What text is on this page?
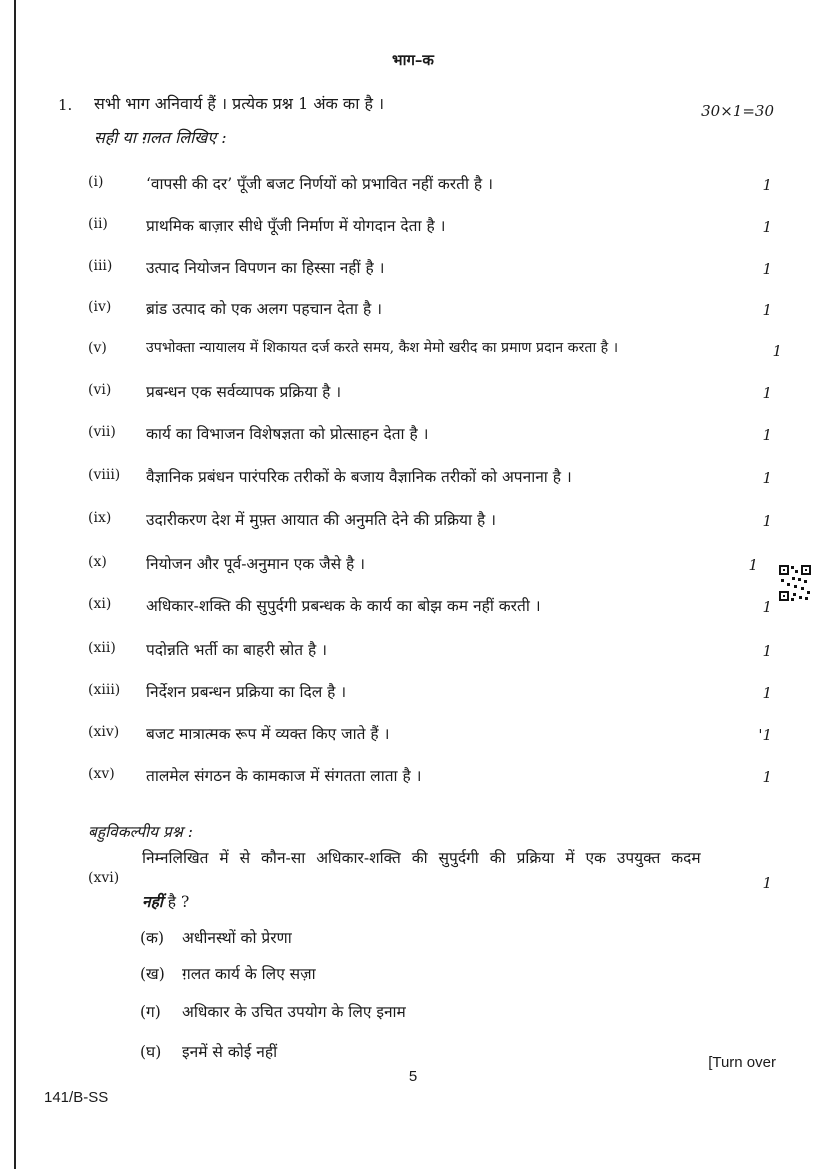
भाग–क
1. सभी भाग अनिवार्य हैं । प्रत्येक प्रश्न 1 अंक का है ।	30×1=30
सही या ग़लत लिखिए :
(i)	‘वापसी की दर’ पूँजी बजट निर्णयों को प्रभावित नहीं करती है ।	1
(ii) प्राथमिक बाज़ार सीधे पूँजी निर्माण में योगदान देता है ।	1
(iii) उत्पाद नियोजन विपणन का हिस्सा नहीं है ।	1
(iv) ब्रांड उत्पाद को एक अलग पहचान देता है ।	1
(v)	उपभोक्ता न्यायालय में शिकायत दर्ज करते समय, कैश मेमो खरीद का प्रमाण प्रदान करता है ।	1
(vi) प्रबन्धन एक सर्वव्यापक प्रक्रिया है ।	1
(vii) कार्य का विभाजन विशेषज्ञता को प्रोत्साहन देता है ।	1
(viii) वैज्ञानिक प्रबंधन पारंपरिक तरीकों के बजाय वैज्ञानिक तरीकों को अपनाना है ।	1
(ix) उदारीकरण देश में मुफ़्त आयात की अनुमति देने की प्रक्रिया है ।	1
(x)	नियोजन और पूर्व-अनुमान एक जैसे है ।	1
(xi) अधिकार-शक्ति की सुपुर्दगी प्रबन्धक के कार्य का बोझ कम नहीं करती ।	1
(xii) पदोन्नति भर्ती का बाहरी स्रोत है ।	1
(xiii) निर्देशन प्रबन्धन प्रक्रिया का दिल है ।	1
(xiv) बजट मात्रात्मक रूप में व्यक्त किए जाते हैं ।	'1
(xv) तालमेल संगठन के कामकाज में संगतता लाता है ।	1
बहुविकल्पीय प्रश्न :
(xvi)
निम्नलिखित में से कौन-सा अधिकार-शक्ति की सुपुर्दगी की प्रक्रिया में एक उपयुक्त कदम
नहीं है ?
1
(क) अधीनस्थों को प्रेरणा
(ख) ग़लत कार्य के लिए सज़ा
(ग) अधिकार के उचित उपयोग के लिए इनाम
(घ) इनमें से कोई नहीं
[Turn over
5
141/B-SS
